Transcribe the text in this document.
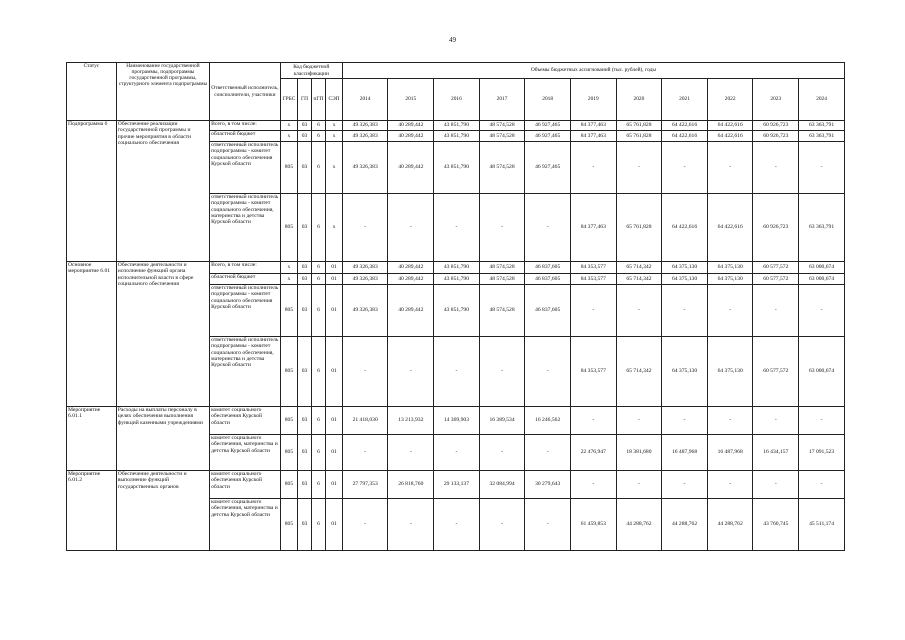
49
Статус	Наименование государственной программы, подпрограммы государственной программы, структурного элемента подпрограммы	Ответственный исполнитель, соисполнители, участники	Код бюджетной классификации				Объемы бюджетных ассигнований (тыс. рублей), годы										
			ГРБС	ГП	пГП	СЭП	2014	2015	2016	2017	2018	2019	2020	2021	2022	2023	2024
Подпрограмма 6	Обеспечение реализации государственной программы и прочие мероприятия в области социального обеспечения	Всего, в том числе:	x	03	6	x	49 326,383	40 289,442	43 851,790	48 574,528	46 927,465	84 377,463	65 761,828	64 422,616	64 422,616	60 926,723	63 363,791
		областной бюджет	x	03	6	x	49 326,383	40 289,442	43 851,790	48 574,528	46 927,465	84 377,463	65 761,828	64 422,616	64 422,616	60 926,723	63 363,791
		ответственный исполнитель подпрограммы - комитет социального обеспечения Курской области	805	03	6	x	49 326,383	40 289,442	43 851,790	48 574,528	46 927,465	-	-	-	-	-	-
		ответственный исполнитель подпрограммы - комитет социального обеспечения, материнства и детства Курской области	805	03	6	x	-	-	-	-	-	84 377,463	65 761,828	64 422,616	64 422,616	60 926,723	63 363,791
Основное мероприятие 6.01	Обеспечение деятельности и исполнение функций органа исполнительной власти в сфере социального обеспечения	Всего, в том числе:	x	03	6	01	49 326,383	40 289,442	43 851,790	48 574,528	46 837,605	84 353,577	65 714,342	64 375,130	64 375,130	60 577,572	63 000,674
		областной бюджет	x	03	6	01	49 326,383	40 289,442	43 851,790	48 574,528	46 837,605	84 353,577	65 714,342	64 375,130	64 375,130	60 577,572	63 000,674
		ответственный исполнитель подпрограммы - комитет социального обеспечения Курской области	805	03	6	01	49 326,383	40 289,442	43 851,790	48 574,528	46 837,605	-	-	-	-	-	-
		ответственный исполнитель подпрограммы - комитет социального обеспечения, материнства и детства Курской области	805	03	6	01	-	-	-	-	-	84 353,577	65 714,342	64 375,130	64 375,130	60 577,572	63 000,674
Мероприятие 6.01.1	Расходы на выплаты персоналу в целях обеспечения выполнения функций казенными учреждениями	комитет социального обеспечения Курской области	805	03	6	01	21 418,030	13 213,932	14 369,903	16 389,534	16 246,562	-	-	-	-	-	-
		комитет социального обеспечения, материнства и детства Курской области	805	03	6	01	-	-	-	-	-	22 476,947	18 381,680	16 487,968	16 487,968	16 434,157	17 091,523
Мероприятие 6.01.2	Обеспечение деятельности и выполнение функций государственных органов	комитет социального обеспечения Курской области	805	03	6	01	27 797,353	26 818,760	29 133,137	32 084,994	30 279,643	-	-	-	-	-	-
		комитет социального обеспечения, материнства и детства Курской области	805	03	6	01	-	-	-	-	-	61 459,853	44 288,762	44 288,762	44 288,762	43 760,745	45 511,174
